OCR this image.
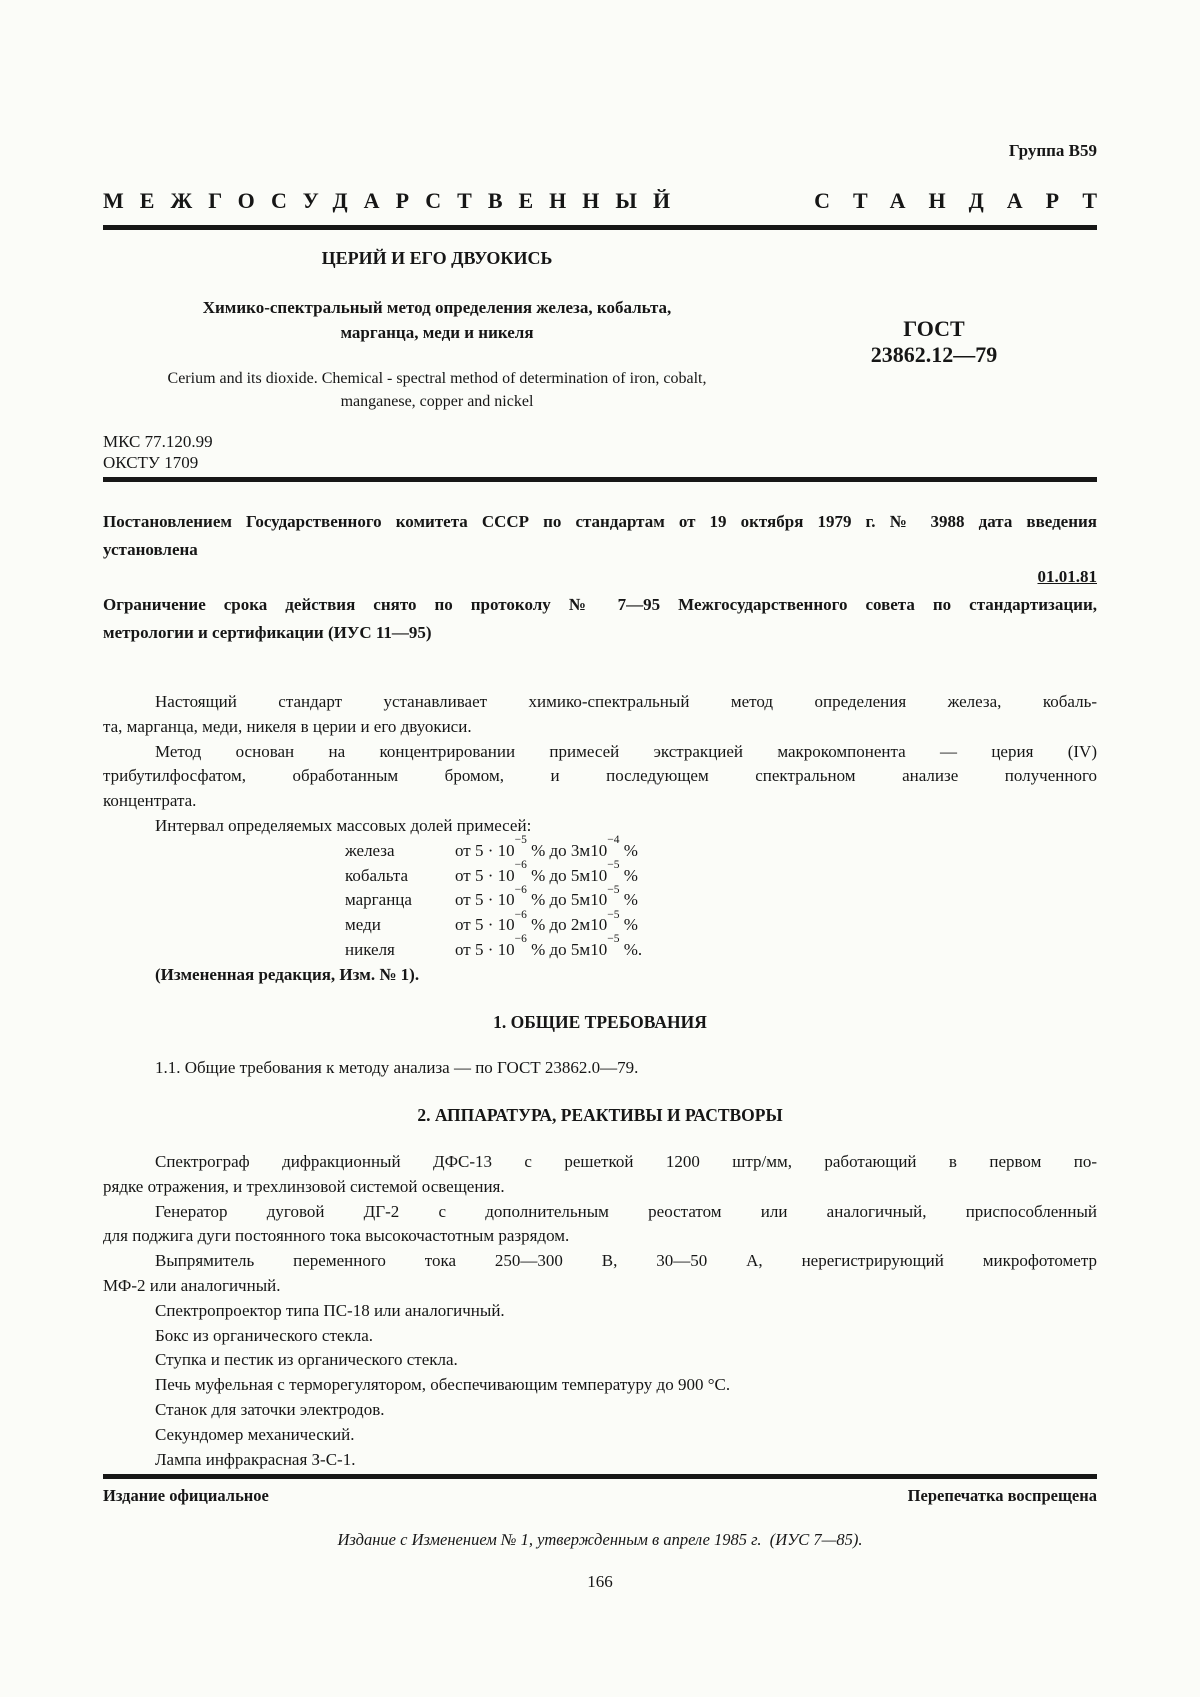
Группа В59
МЕЖГОСУДАРСТВЕННЫЙ	СТАНДАРТ
ЦЕРИЙ И ЕГО ДВУОКИСЬ
Химико-спектральный метод определения железа, кобальта,
марганца, меди и никеля
Cerium and its dioxide. Chemical - spectral method of determination of iron, cobalt,
manganese, copper and nickel
ГОСТ
23862.12—79
МКС 77.120.99
ОКСТУ 1709
Постановлением Государственного комитета СССР по стандартам от 19 октября 1979 г. № 3988 дата введения
установлена
01.01.81
Ограничение срока действия снято по протоколу № 7—95 Межгосударственного совета по стандартизации,
метрологии и сертификации (ИУС 11—95)
Настоящий стандарт устанавливает химико-спектральный метод определения железа, кобаль-
та, марганца, меди, никеля в церии и его двуокиси.
Метод основан на концентрировании примесей экстракцией макрокомпонента — церия (IV)
трибутилфосфатом, обработанным бромом, и последующем спектральном анализе полученного
концентрата.
Интервал определяемых массовых долей примесей:
железа	от $5 \cdot 10^{-5}$ % до $3м10^{-4}$ %
кобальта	от $5 \cdot 10^{-6}$ % до $5м10^{-5}$ %
марганца	от $5 \cdot 10^{-6}$ % до $5м10^{-5}$ %
меди	от $5 \cdot 10^{-6}$ % до $2м10^{-5}$ %
никеля	от $5 \cdot 10^{-6}$ % до $5м10^{-5}$ %.
(Измененная редакция, Изм. № 1).
1. ОБЩИЕ ТРЕБОВАНИЯ
1.1. Общие требования к методу анализа — по ГОСТ 23862.0—79.
2. АППАРАТУРА, РЕАКТИВЫ И РАСТВОРЫ
Спектрограф дифракционный ДФС-13 с решеткой 1200 штр/мм, работающий в первом по-
рядке отражения, и трехлинзовой системой освещения.
Генератор дуговой ДГ-2 с дополнительным реостатом или аналогичный, приспособленный
для поджига дуги постоянного тока высокочастотным разрядом.
Выпрямитель переменного тока 250—300 В, 30—50 А, нерегистрирующий микрофотометр
МФ-2 или аналогичный.
Спектропроектор типа ПС-18 или аналогичный.
Бокс из органического стекла.
Ступка и пестик из органического стекла.
Печь муфельная с терморегулятором, обеспечивающим температуру до 900 °С.
Станок для заточки электродов.
Секундомер механический.
Лампа инфракрасная З-С-1.
Издание официальное	Перепечатка воспрещена
Издание с Изменением № 1, утвержденным в апреле 1985 г.  (ИУС 7—85).
166
